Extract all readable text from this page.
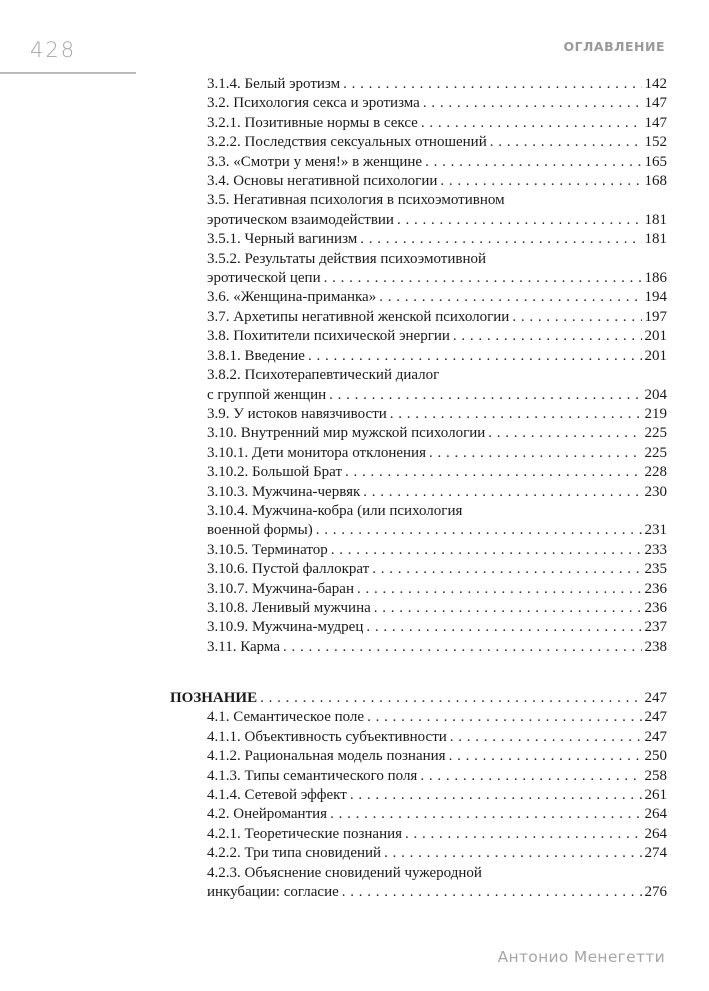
428	ОГЛАВЛЕНИЕ
3.1.4. Белый эротизм . . .	142
3.2. Психология секса и эротизма . . .	147
3.2.1. Позитивные нормы в сексе . . .	147
3.2.2. Последствия сексуальных отношений . . .	152
3.3. «Смотри у меня!» в женщине . . .	165
3.4. Основы негативной психологии . . .	168
3.5. Негативная психология в психоэмотивном
эротическом взаимодействии . . .	181
3.5.1. Черный вагинизм . . .	181
3.5.2. Результаты действия психоэмотивной
эротической цепи . . .	186
3.6. «Женщина-приманка» . . .	194
3.7. Архетипы негативной женской психологии . . .	197
3.8. Похитители психической энергии . . .	201
3.8.1. Введение . . .	201
3.8.2. Психотерапевтический диалог
с группой женщин . . .	204
3.9. У истоков навязчивости . . .	219
3.10. Внутренний мир мужской психологии . . .	225
3.10.1. Дети монитора отклонения . . .	225
3.10.2. Большой Брат . . .	228
3.10.3. Мужчина-червяк . . .	230
3.10.4. Мужчина-кобра (или психология
военной формы) . . .	231
3.10.5. Терминатор . . .	233
3.10.6. Пустой фаллократ . . .	235
3.10.7. Мужчина-баран . . .	236
3.10.8. Ленивый мужчина . . .	236
3.10.9. Мужчина-мудрец . . .	237
3.11. Карма . . .	238
ПОЗНАНИЕ . . .	247
4.1. Семантическое поле . . .	247
4.1.1. Объективность субъективности . . .	247
4.1.2. Рациональная модель познания . . .	250
4.1.3. Типы семантического поля . . .	258
4.1.4. Сетевой эффект . . .	261
4.2. Онейромантия . . .	264
4.2.1. Теоретические познания . . .	264
4.2.2. Три типа сновидений . . .	274
4.2.3. Объяснение сновидений чужеродной
инкубации: согласие . . .	276
Антонио Менегетти
